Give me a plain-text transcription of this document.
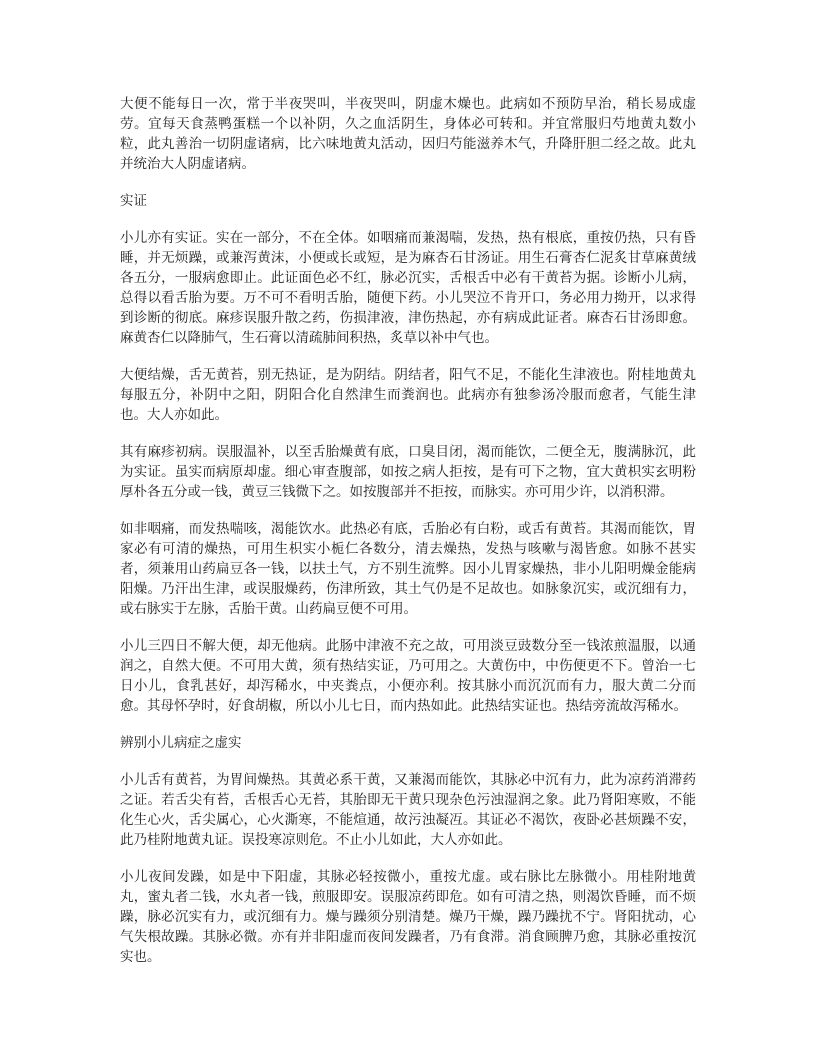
大便不能每日一次，常于半夜哭叫，半夜哭叫，阴虚木燥也。此病如不预防早治，稍长易成虚劳。宜每天食蒸鸭蛋糕一个以补阴，久之血活阴生，身体必可转和。并宜常服归芍地黄丸数小粒，此丸善治一切阴虚诸病，比六味地黄丸活动，因归芍能滋养木气，升降肝胆二经之故。此丸并统治大人阴虚诸病。

实证

小儿亦有实证。实在一部分，不在全体。如咽痛而兼渴喘，发热，热有根底，重按仍热，只有昏睡，并无烦躁，或兼泻黄沫，小便或长或短，是为麻杏石甘汤证。用生石膏杏仁泥炙甘草麻黄绒各五分，一服病愈即止。此证面色必不红，脉必沉实，舌根舌中必有干黄苔为据。诊断小儿病，总得以看舌胎为要。万不可不看明舌胎，随便下药。小儿哭泣不肯开口，务必用力拗开，以求得到诊断的彻底。麻疹误服升散之药，伤损津液，津伤热起，亦有病成此证者。麻杏石甘汤即愈。麻黄杏仁以降肺气，生石膏以清疏肺间积热，炙草以补中气也。

大便结燥，舌无黄苔，别无热证，是为阴结。阴结者，阳气不足，不能化生津液也。附桂地黄丸每服五分，补阴中之阳，阴阳合化自然津生而粪润也。此病亦有独参汤冷服而愈者，气能生津也。大人亦如此。

其有麻疹初病。误服温补，以至舌胎燥黄有底，口臭目闭，渴而能饮，二便全无，腹满脉沉，此为实证。虽实而病原却虚。细心审查腹部，如按之病人拒按，是有可下之物，宜大黄枳实玄明粉厚朴各五分或一钱，黄豆三钱微下之。如按腹部并不拒按，而脉实。亦可用少许，以消积滞。

如非咽痛，而发热喘咳，渴能饮水。此热必有底，舌胎必有白粉，或舌有黄苔。其渴而能饮，胃家必有可清的燥热，可用生枳实小栀仁各数分，清去燥热，发热与咳嗽与渴皆愈。如脉不甚实者，须兼用山药扁豆各一钱，以扶土气，方不别生流弊。因小儿胃家燥热，非小儿阳明燥金能病阳燥。乃汗出生津，或误服燥药，伤津所致，其土气仍是不足故也。如脉象沉实，或沉细有力，或右脉实于左脉，舌胎干黄。山药扁豆便不可用。

小儿三四日不解大便，却无他病。此肠中津液不充之故，可用淡豆豉数分至一钱浓煎温服，以通润之，自然大便。不可用大黄，须有热结实证，乃可用之。大黄伤中，中伤便更不下。曾治一七日小儿，食乳甚好，却泻稀水，中夹粪点，小便亦利。按其脉小而沉沉而有力，服大黄二分而愈。其母怀孕时，好食胡椒，所以小儿七日，而内热如此。此热结实证也。热结旁流故泻稀水。

辨别小儿病症之虚实

小儿舌有黄苔，为胃间燥热。其黄必系干黄，又兼渴而能饮，其脉必中沉有力，此为凉药消滞药之证。若舌尖有苔，舌根舌心无苔，其胎即无干黄只现杂色污浊湿润之象。此乃肾阳寒败，不能化生心火，舌尖属心，心火澌寒，不能煊通，故污浊凝冱。其证必不渴饮，夜卧必甚烦躁不安，此乃桂附地黄丸证。误投寒凉则危。不止小儿如此，大人亦如此。

小儿夜间发躁，如是中下阳虚，其脉必轻按微小，重按尤虚。或右脉比左脉微小。用桂附地黄丸，蜜丸者二钱，水丸者一钱，煎服即安。误服凉药即危。如有可清之热，则渴饮昏睡，而不烦躁，脉必沉实有力，或沉细有力。燥与躁须分别清楚。燥乃干燥，躁乃躁扰不宁。肾阳扰动，心气失根故躁。其脉必微。亦有并非阳虚而夜间发躁者，乃有食滞。消食顾脾乃愈，其脉必重按沉实也。
